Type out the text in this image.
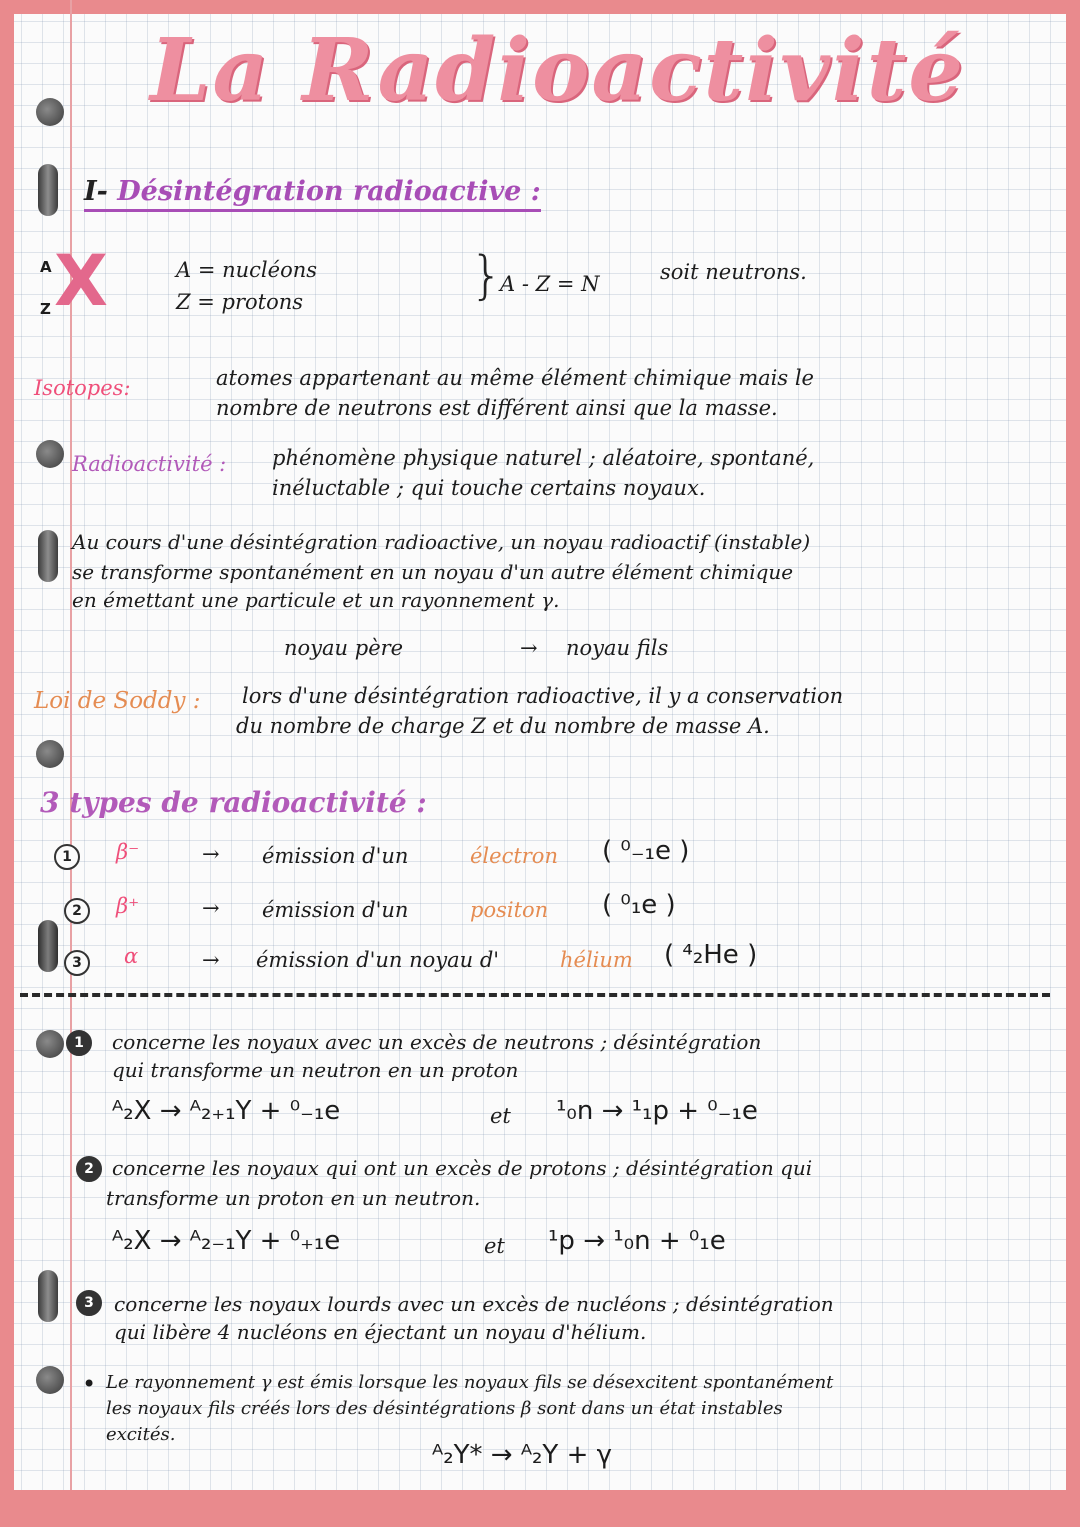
La Radioactivité
I- Désintégration radioactive :
A
Z X	A = nucléons
Z = protons	}
A - Z = N	soit neutrons.
Isotopes:	atomes appartenant au même élément chimique mais le
nombre de neutrons est différent ainsi que la masse.
Radioactivité : phénomène physique naturel ; aléatoire, spontané,
inéluctable ; qui touche certains noyaux.
Au cours d'une désintégration radioactive, un noyau radioactif (instable)
se transforme spontanément en un noyau d'un autre élément chimique
en émettant une particule et un rayonnement γ.
noyau père	→ noyau fils
Loi de Soddy : lors d'une désintégration radioactive, il y a conservation
du nombre de charge Z et du nombre de masse A.
3 types de radioactivité :
1	β⁻	→ émission d'un	électron ( ⁰₋₁e )
2	β⁺	→ émission d'un	positon ( ⁰₁e )
3	α	→ émission d'un noyau d'	hélium ( ⁴₂He )
1	concerne les noyaux avec un excès de neutrons ; désintégration
qui transforme un neutron en un proton
ᴬ₂X → ᴬ₂₊₁Y + ⁰₋₁e	et ¹₀n → ¹₁p + ⁰₋₁e
2 concerne les noyaux qui ont un excès de protons ; désintégration qui
transforme un proton en un neutron.
ᴬ₂X → ᴬ₂₋₁Y + ⁰₊₁e	et ¹p → ¹₀n + ⁰₁e
3	concerne les noyaux lourds avec un excès de nucléons ; désintégration
qui libère 4 nucléons en éjectant un noyau d'hélium.
• Le rayonnement γ est émis lorsque les noyaux fils se désexcitent spontanément
les noyaux fils créés lors des désintégrations β sont dans un état instables
excités.
ᴬ₂Y* → ᴬ₂Y + γ
